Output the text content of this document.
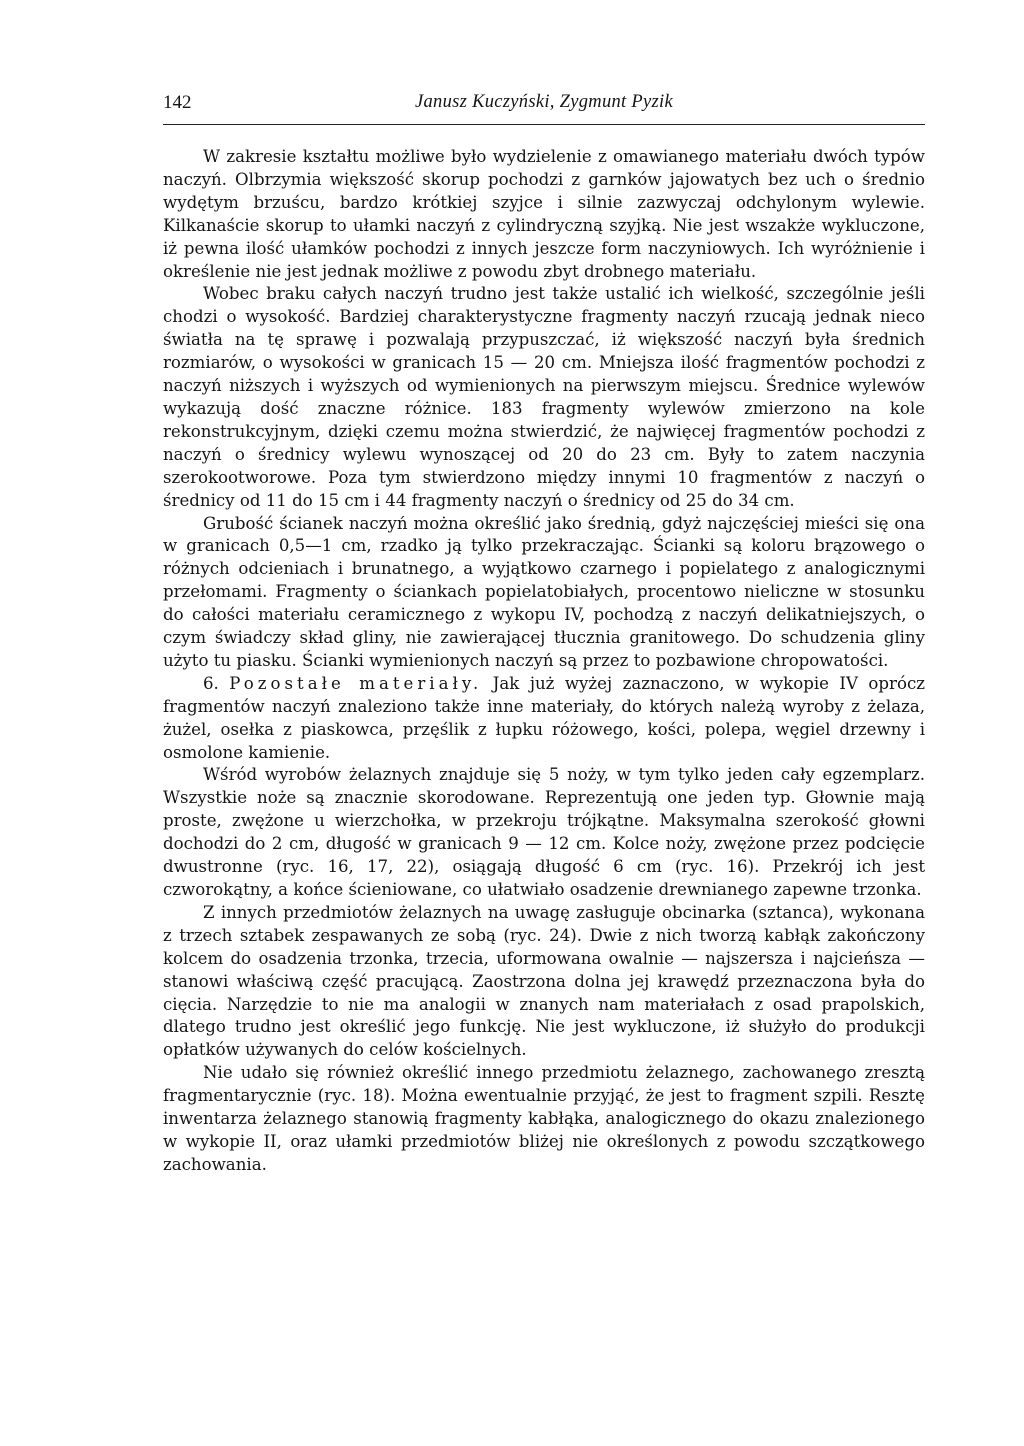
142	Janusz Kuczyński, Zygmunt Pyzik

W zakresie kształtu możliwe było wydzielenie z omawianego materiału dwóch typów naczyń. Olbrzymia większość skorup pochodzi z garnków jajowatych bez uch o średnio wydętym brzuścu, bardzo krótkiej szyjce i silnie zazwyczaj odchylonym wylewie. Kilkanaście skorup to ułamki naczyń z cylindryczną szyjką. Nie jest wszakże wykluczone, iż pewna ilość ułamków pochodzi z innych jeszcze form naczyniowych. Ich wyróżnienie i określenie nie jest jednak możliwe z powodu zbyt drobnego materiału.

Wobec braku całych naczyń trudno jest także ustalić ich wielkość, szczególnie jeśli chodzi o wysokość. Bardziej charakterystyczne fragmenty naczyń rzucają jednak nieco światła na tę sprawę i pozwalają przypuszczać, iż większość naczyń była średnich rozmiarów, o wysokości w granicach 15 — 20 cm. Mniejsza ilość fragmentów pochodzi z naczyń niższych i wyższych od wymienionych na pierwszym miejscu. Średnice wylewów wykazują dość znaczne różnice. 183 fragmenty wylewów zmierzono na kole rekonstrukcyjnym, dzięki czemu można stwierdzić, że najwięcej fragmentów pochodzi z naczyń o średnicy wylewu wynoszącej od 20 do 23 cm. Były to zatem naczynia szerokootworowe. Poza tym stwierdzono między innymi 10 fragmentów z naczyń o średnicy od 11 do 15 cm i 44 fragmenty naczyń o średnicy od 25 do 34 cm.

Grubość ścianek naczyń można określić jako średnią, gdyż najczęściej mieści się ona w granicach 0,5—1 cm, rzadko ją tylko przekraczając. Ścianki są koloru brązowego o różnych odcieniach i brunatnego, a wyjątkowo czarnego i popielatego z analogicznymi przełomami. Fragmenty o ściankach popielatobiałych, procentowo nieliczne w stosunku do całości materiału ceramicznego z wykopu IV, pochodzą z naczyń delikatniejszych, o czym świadczy skład gliny, nie zawierającej tłucznia granitowego. Do schudzenia gliny użyto tu piasku. Ścianki wymienionych naczyń są przez to pozbawione chropowatości.

6. Pozostałe materiały. Jak już wyżej zaznaczono, w wykopie IV oprócz fragmentów naczyń znaleziono także inne materiały, do których należą wyroby z żelaza, żużel, osełka z piaskowca, przęślik z łupku różowego, kości, polepa, węgiel drzewny i osmolone kamienie.

Wśród wyrobów żelaznych znajduje się 5 noży, w tym tylko jeden cały egzemplarz. Wszystkie noże są znacznie skorodowane. Reprezentują one jeden typ. Głownie mają proste, zwężone u wierzchołka, w przekroju trójkątne. Maksymalna szerokość głowni dochodzi do 2 cm, długość w granicach 9 — 12 cm. Kolce noży, zwężone przez podcięcie dwustronne (ryc. 16, 17, 22), osiągają długość 6 cm (ryc. 16). Przekrój ich jest czworokątny, a końce ścieniowane, co ułatwiało osadzenie drewnianego zapewne trzonka.

Z innych przedmiotów żelaznych na uwagę zasługuje obcinarka (sztanca), wykonana z trzech sztabek zespawanych ze sobą (ryc. 24). Dwie z nich tworzą kabłąk zakończony kolcem do osadzenia trzonka, trzecia, uformowana owalnie — najszersza i najcieńsza — stanowi właściwą część pracującą. Zaostrzona dolna jej krawędź przeznaczona była do cięcia. Narzędzie to nie ma analogii w znanych nam materiałach z osad prapolskich, dlatego trudno jest określić jego funkcję. Nie jest wykluczone, iż służyło do produkcji opłatków używanych do celów kościelnych.

Nie udało się również określić innego przedmiotu żelaznego, zachowanego zresztą fragmentarycznie (ryc. 18). Można ewentualnie przyjąć, że jest to fragment szpili. Resztę inwentarza żelaznego stanowią fragmenty kabłąka, analogicznego do okazu znalezionego w wykopie II, oraz ułamki przedmiotów bliżej nie określonych z powodu szczątkowego zachowania.
